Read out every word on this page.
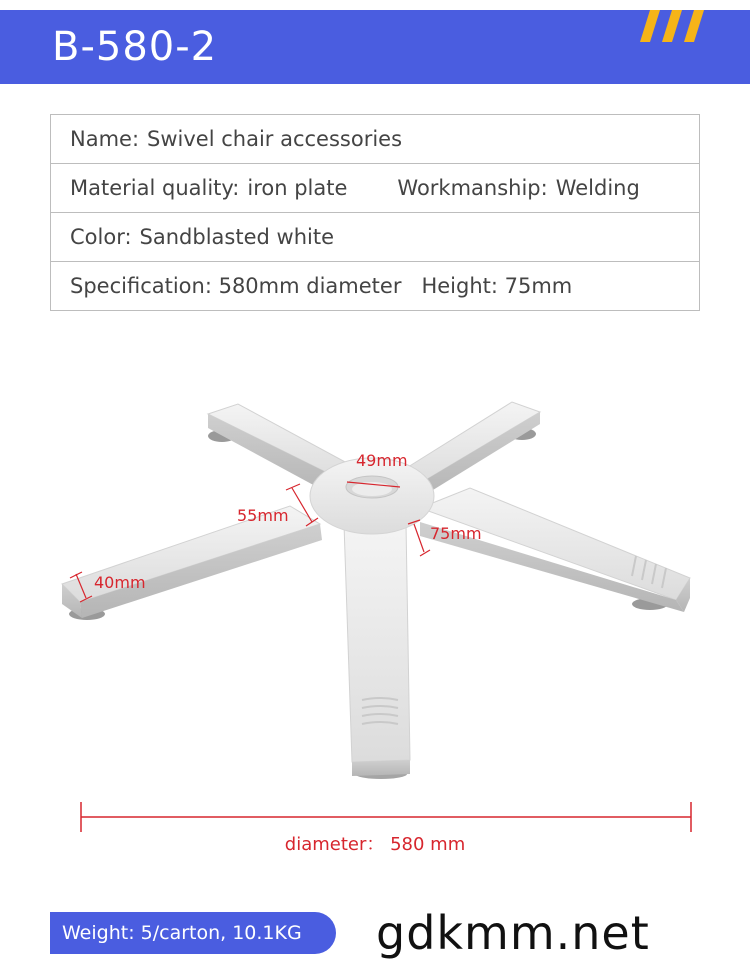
B-580-2
Name: Swivel chair accessories
Material quality: iron plate Workmanship: Welding
Color: Sandblasted white
Specification: 580mm diameter Height: 75mm
49mm
55mm
75mm
40mm
diameter： 580 mm
Weight: 5/carton, 10.1KG	gdkmm.net
